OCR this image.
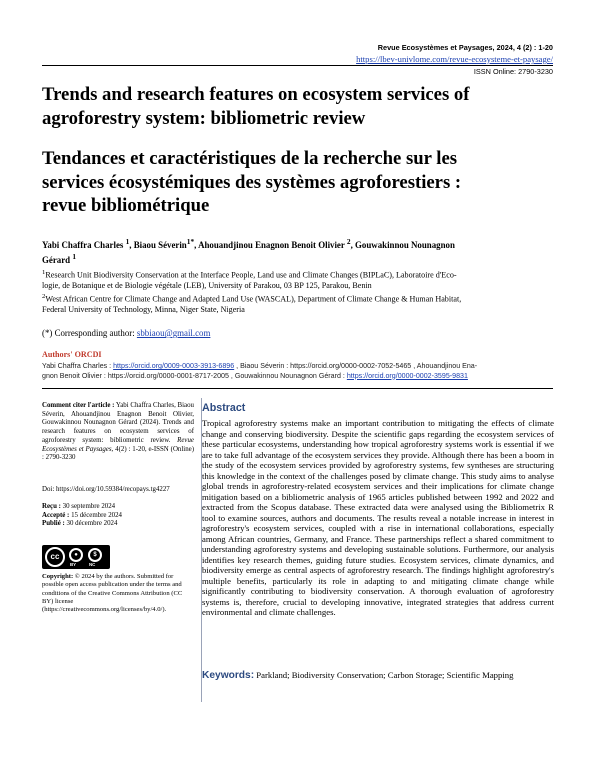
Revue Ecosystèmes et Paysages, 2024, 4 (2) : 1-20
https://lbev-univlome.com/revue-ecosysteme-et-paysage/
ISSN Online: 2790-3230
Trends and research features on ecosystem services of
agroforestry system: bibliometric review
Tendances et caractéristiques de la recherche sur les
services écosystémiques des systèmes agroforestiers :
revue bibliométrique
Yabi Chaffra Charles $^1$, Biaou Séverin$^{1*}$, Ahouandjinou Enagnon Benoit Olivier $^2$, Gouwakinnou Nounagnon
Gérard $^1$
$^1$Research Unit Biodiversity Conservation at the Interface People, Land use and Climate Changes (BIPLaC), Laboratoire d'Eco-
logie, de Botanique et de Biologie végétale (LEB), University of Parakou, 03 BP 125, Parakou, Benin
$^2$West African Centre for Climate Change and Adapted Land Use (WASCAL), Department of Climate Change & Human Habitat,
Federal University of Technology, Minna, Niger State, Nigeria
(*) Corresponding author: sbbiaou@gmail.com
Authors' ORCDI
Yabi Chaffra Charles : https://orcid.org/0009-0003-3913-6896 , Biaou Séverin : https://orcid.org/0000-0002-7052-5465 , Ahouandjinou Ena-
gnon Benoit Olivier : https://orcid.org/0000-0001-8717-2005 , Gouwakinnou Nounagnon Gérard : https://orcid.org/0000-0002-3595-9831
Comment citer l'article : Yabi Chaffra Charles, Biaou Séverin, Ahouandjinou Enagnon Benoit Olivier, Gouwakinnou Nounagnon Gérard (2024). Trends and research features on ecosystem services of agroforestry system: bibliometric review. Revue Ecosystèmes et Paysages, 4(2) : 1-20, e-ISSN (Online) : 2790-3230
Doi: https://doi.org/10.59384/recopays.tg4227
Reçu : 30 septembre 2024
Accepté : 15 décembre 2024
Publié : 30 décembre 2024
cc	●	$
BY	NC
Copyright: © 2024 by the authors. Submitted for possible open access publication under the terms and conditions of the Creative Commons Attribution (CC BY) license (https://creativecommons.org/licenses/by/4.0/).
Abstract
Tropical agroforestry systems make an important contribution to mitigating the effects of climate change and conserving biodiversity. Despite the scientific gaps regarding the ecosystem services of these particular ecosystems, understanding how tropical agroforestry systems work is essential if we are to take full advantage of the ecosystem services they provide. Although there has been a boom in the study of the ecosystem services provided by agroforestry systems, few syntheses are structuring this knowledge in the context of the challenges posed by climate change. This study aims to analyse global trends in agroforestry-related ecosystem services and their implications for climate change mitigation based on a bibliometric analysis of 1965 articles published between 1992 and 2022 and extracted from the Scopus database. These extracted data were analysed using the Bibliometrix R tool to examine sources, authors and documents. The results reveal a notable increase in interest in agroforestry's ecosystem services, coupled with a rise in international collaborations, especially among African countries, Germany, and France. These partnerships reflect a shared commitment to understanding agroforestry systems and developing sustainable solutions. Furthermore, our analysis identifies key research themes, guiding future studies. Ecosystem services, climate dynamics, and biodiversity emerge as central aspects of agroforestry research. The findings highlight agroforestry's multiple benefits, particularly its role in adapting to and mitigating climate change while significantly contributing to biodiversity conservation. A thorough evaluation of agroforestry systems is, therefore, crucial to developing innovative, integrated strategies that address current environmental and climate challenges.
Keywords: Parkland; Biodiversity Conservation; Carbon Storage; Scientific Mapping
